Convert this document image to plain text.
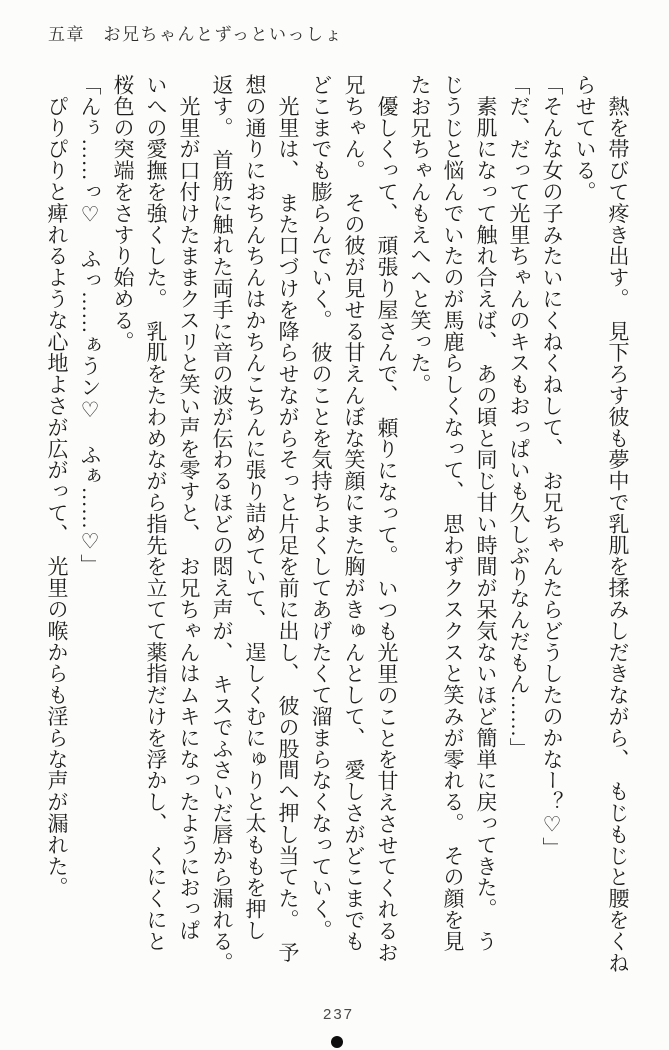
五章　お兄ちゃんとずっといっしょ

　熱を帯びて疼き出す。　見下ろす彼も夢中で乳肌を揉みしだきながら、　もじもじと腰をくね

らせている。

「そんな女の子みたいにくねくねして、　お兄ちゃんたらどうしたのかなー？♡」

「だ、だって光里ちゃんのキスもおっぱいも久しぶりなんだもん……」

　素肌になって触れ合えば、　あの頃と同じ甘い時間が呆気ないほど簡単に戻ってきた。　う

じうじと悩んでいたのが馬鹿らしくなって、　思わずクスクスと笑みが零れる。　その顔を見

たお兄ちゃんもえへへと笑った。

　優しくって、　頑張り屋さんで、　頼りになって。　いつも光里のことを甘えさせてくれるお

兄ちゃん。　その彼が見せる甘えんぼな笑顔にまた胸がきゅんとして、　愛しさがどこまでも

どこまでも膨らんでいく。　彼のことを気持ちよくしてあげたくて溜まらなくなっていく。

　光里は、　また口づけを降らせながらそっと片足を前に出し、　彼の股間へ押し当てた。　予

想の通りにおちんちんはかちんこちんに張り詰めていて、　逞しくむにゅりと太ももを押し

返す。　首筋に触れた両手に音の波が伝わるほどの悶え声が、　キスでふさいだ唇から漏れる。

　光里が口付けたままクスリと笑い声を零すと、　お兄ちゃんはムキになったようにおっぱ

いへの愛撫を強くした。　乳肌をたわめながら指先を立てて薬指だけを浮かし、　くにくにと

桜色の突端をさすり始める。

「んぅ……っ♡　ふっ……ぁうン♡　ふぁ……♡」

　ぴりぴりと痺れるような心地よさが広がって、　光里の喉からも淫らな声が漏れた。

237
